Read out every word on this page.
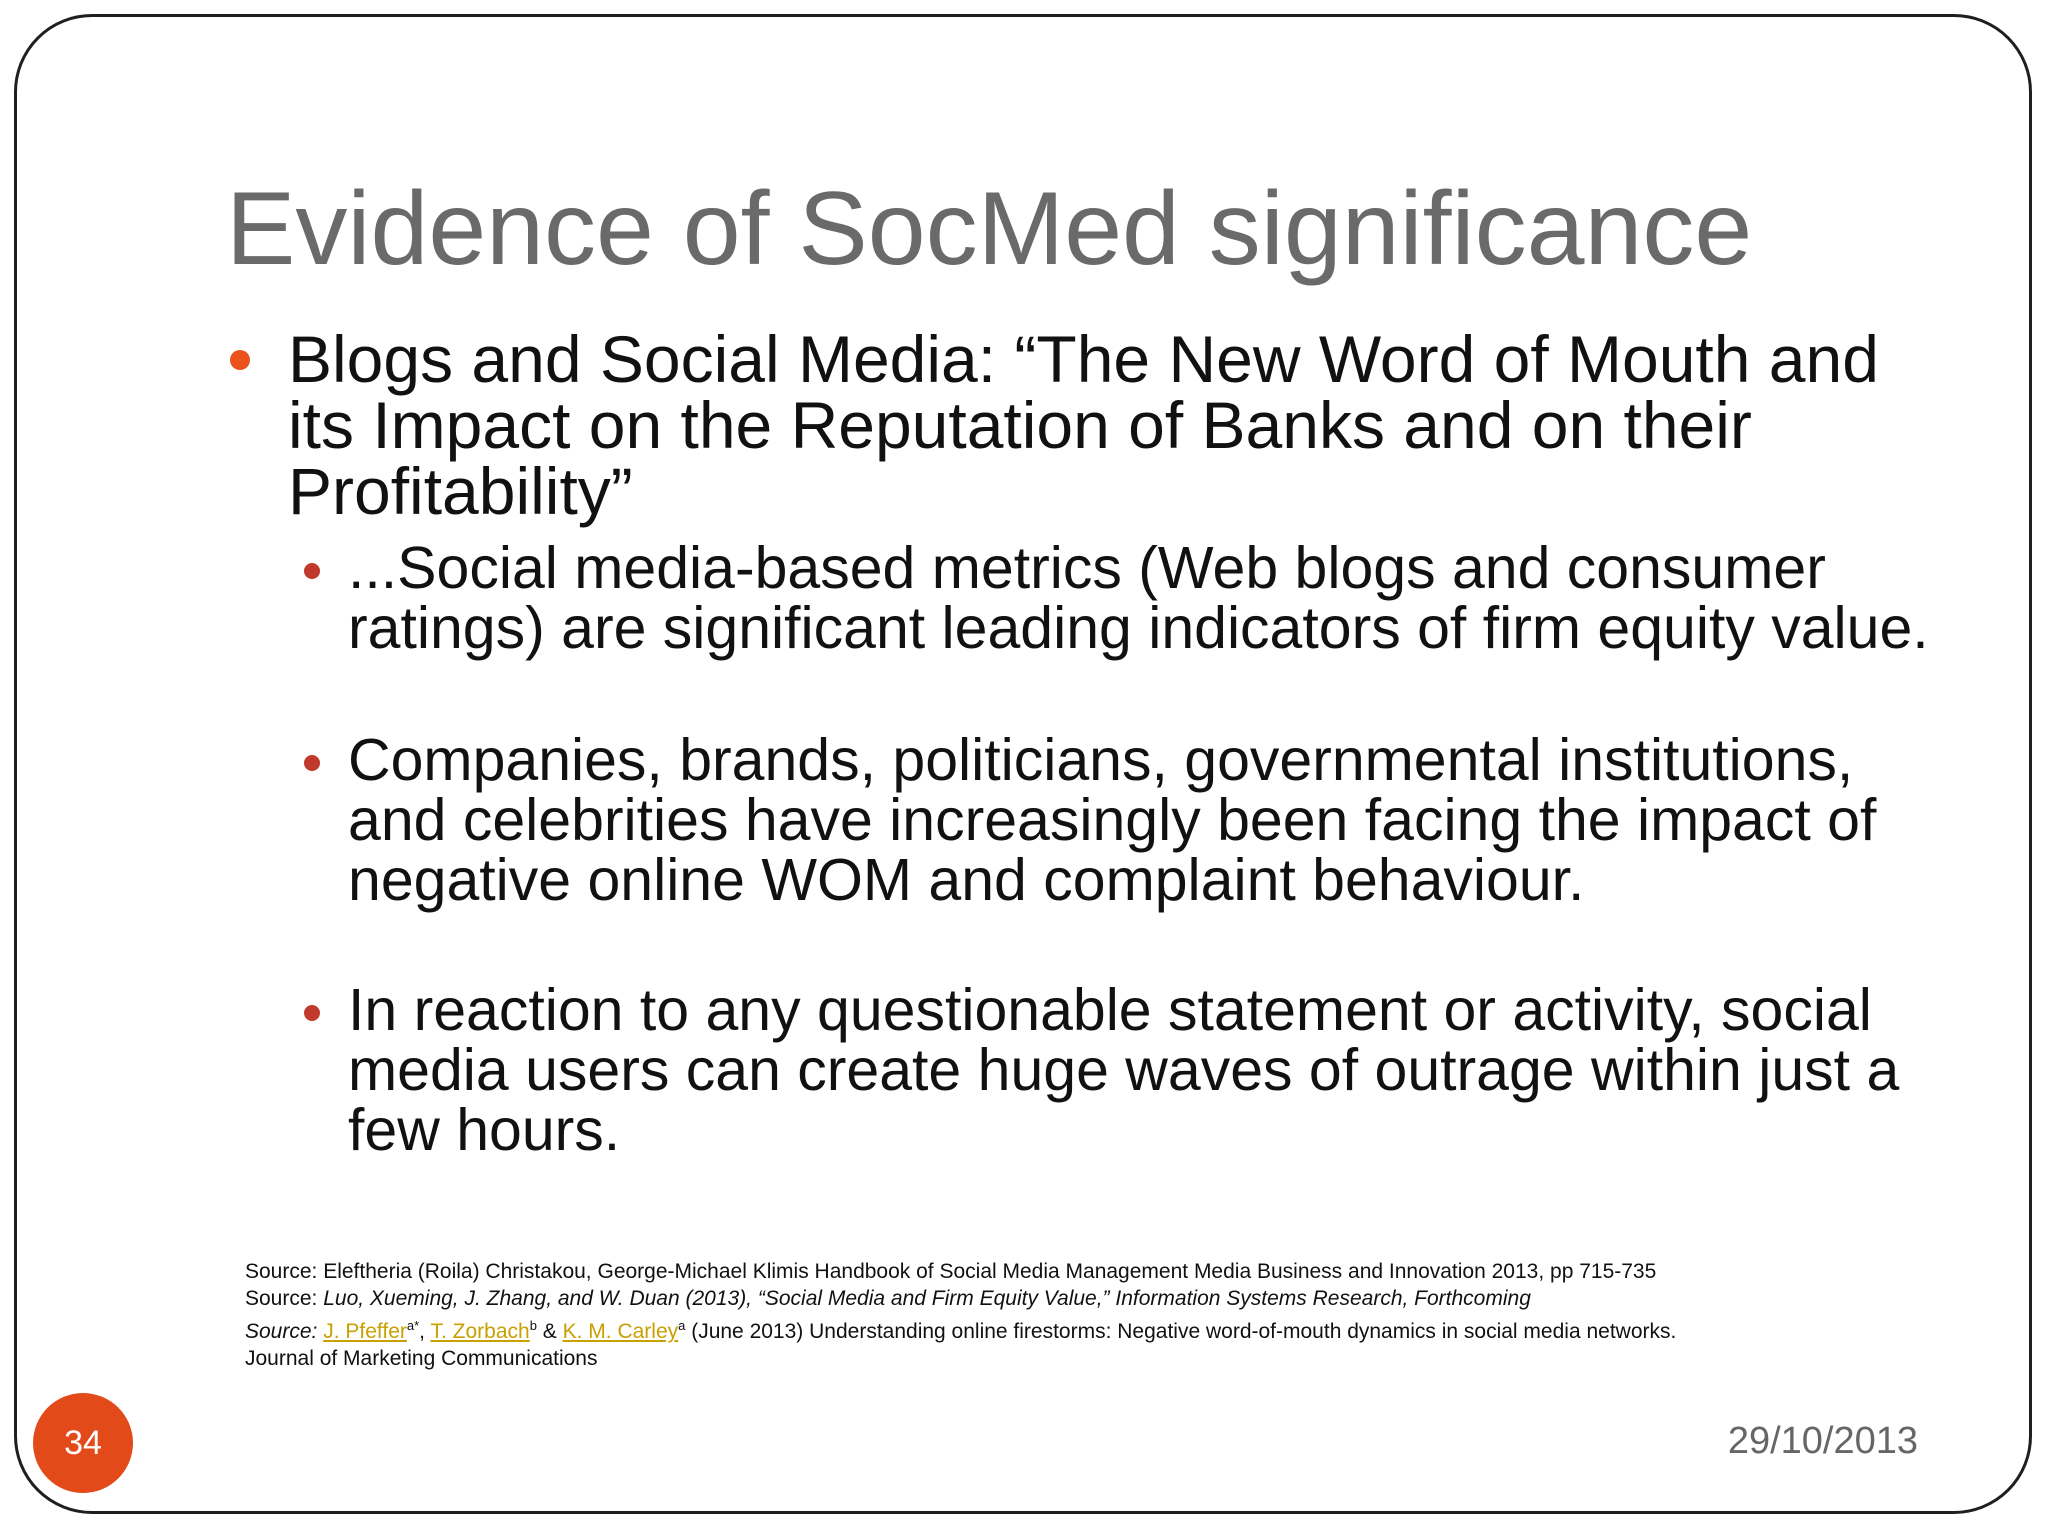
Evidence of SocMed significance
Blogs and Social Media: “The New Word of Mouth and its Impact on the Reputation of Banks and on their Profitability”
...Social media-based metrics (Web blogs and consumer ratings) are significant leading indicators of firm equity value.
Companies, brands, politicians, governmental institutions, and celebrities have increasingly been facing the impact of negative online WOM and complaint behaviour.
In reaction to any questionable statement or activity, social media users can create huge waves of outrage within just a few hours.
Source: Eleftheria (Roila) Christakou, George-Michael Klimis Handbook of Social Media Management Media Business and Innovation 2013, pp 715-735
Source: Luo, Xueming, J. Zhang, and W. Duan (2013), “Social Media and Firm Equity Value,” Information Systems Research, Forthcoming
Source: J. Pfeffer$^{a*}$, T. Zorbach$^b$ & K. M. Carley$^a$ (June 2013) Understanding online firestorms: Negative word-of-mouth dynamics in social media networks.
Journal of Marketing Communications
34	29/10/2013
